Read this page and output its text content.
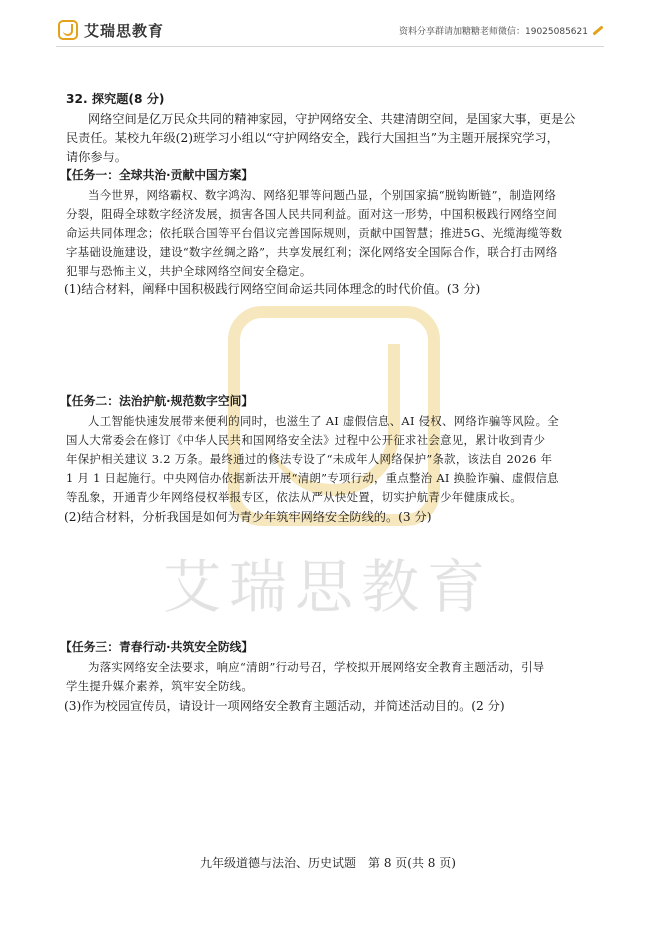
艾瑞思教育	资料分享群请加糖糖老师微信：19025085621
艾瑞思教育
32. 探究题(8 分)
网络空间是亿万民众共同的精神家园，守护网络安全、共建清朗空间，是国家大事，更是公
民责任。某校九年级(2)班学习小组以“守护网络安全，践行大国担当”为主题开展探究学习，
请你参与。
【任务一：全球共治·贡献中国方案】
当今世界，网络霸权、数字鸿沟、网络犯罪等问题凸显，个别国家搞“脱钩断链”，制造网络
分裂，阻碍全球数字经济发展，损害各国人民共同利益。面对这一形势，中国积极践行网络空间
命运共同体理念；依托联合国等平台倡议完善国际规则，贡献中国智慧；推进5G、光缆海缆等数
字基础设施建设，建设“数字丝绸之路”，共享发展红利；深化网络安全国际合作，联合打击网络
犯罪与恐怖主义，共护全球网络空间安全稳定。
(1)结合材料，阐释中国积极践行网络空间命运共同体理念的时代价值。(3 分)
【任务二：法治护航·规范数字空间】
人工智能快速发展带来便利的同时，也滋生了 AI 虚假信息、AI 侵权、网络诈骗等风险。全
国人大常委会在修订《中华人民共和国网络安全法》过程中公开征求社会意见，累计收到青少
年保护相关建议 3.2 万条。最终通过的修法专设了“未成年人网络保护”条款，该法自 2026 年
1 月 1 日起施行。中央网信办依据新法开展“清朗”专项行动，重点整治 AI 换脸诈骗、虚假信息
等乱象，开通青少年网络侵权举报专区，依法从严从快处置，切实护航青少年健康成长。
(2)结合材料，分析我国是如何为青少年筑牢网络安全防线的。(3 分)
【任务三：青春行动·共筑安全防线】
为落实网络安全法要求，响应“清朗”行动号召，学校拟开展网络安全教育主题活动，引导
学生提升媒介素养，筑牢安全防线。
(3)作为校园宣传员，请设计一项网络安全教育主题活动，并简述活动目的。(2 分)
九年级道德与法治、历史试题　第 8 页(共 8 页)
